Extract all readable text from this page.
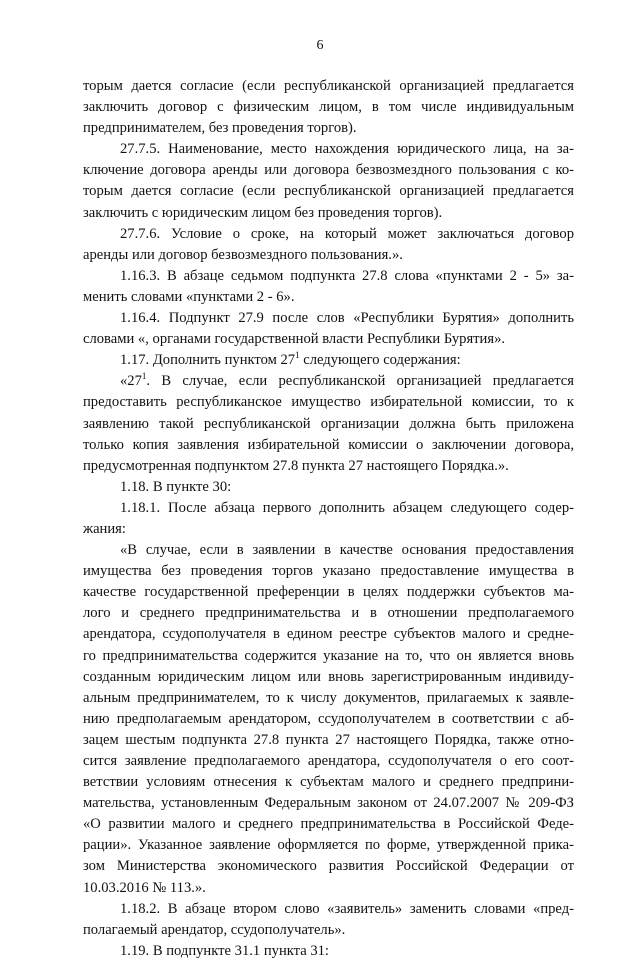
6
торым дается согласие (если республиканской организацией предлагается
заключить договор с физическим лицом, в том числе индивидуальным
предпринимателем, без проведения торгов).
27.7.5. Наименование, место нахождения юридического лица, на за-
ключение договора аренды или договора безвозмездного пользования с ко-
торым дается согласие (если республиканской организацией предлагается
заключить с юридическим лицом без проведения торгов).
27.7.6. Условие о сроке, на который может заключаться договор
аренды или договор безвозмездного пользования.».
1.16.3. В абзаце седьмом подпункта 27.8 слова «пунктами 2 - 5» за-
менить словами «пунктами 2 - 6».
1.16.4. Подпункт 27.9 после слов «Республики Бурятия» дополнить
словами «, органами государственной власти Республики Бурятия».
1.17. Дополнить пунктом $27^1$ следующего содержания:
«$27^1$. В случае, если республиканской организацией предлагается
предоставить республиканское имущество избирательной комиссии, то к
заявлению такой республиканской организации должна быть приложена
только копия заявления избирательной комиссии о заключении договора,
предусмотренная подпунктом 27.8 пункта 27 настоящего Порядка.».
1.18. В пункте 30:
1.18.1. После абзаца первого дополнить абзацем следующего содер-
жания:
«В случае, если в заявлении в качестве основания предоставления
имущества без проведения торгов указано предоставление имущества в
качестве государственной преференции в целях поддержки субъектов ма-
лого и среднего предпринимательства и в отношении предполагаемого
арендатора, ссудополучателя в едином реестре субъектов малого и средне-
го предпринимательства содержится указание на то, что он является вновь
созданным юридическим лицом или вновь зарегистрированным индивиду-
альным предпринимателем, то к числу документов, прилагаемых к заявле-
нию предполагаемым арендатором, ссудополучателем в соответствии с аб-
зацем шестым подпункта 27.8 пункта 27 настоящего Порядка, также отно-
сится заявление предполагаемого арендатора, ссудополучателя о его соот-
ветствии условиям отнесения к субъектам малого и среднего предприни-
мательства, установленным Федеральным законом от 24.07.2007 № 209-ФЗ
«О развитии малого и среднего предпринимательства в Российской Феде-
рации». Указанное заявление оформляется по форме, утвержденной прика-
зом Министерства экономического развития Российской Федерации от
10.03.2016 № 113.».
1.18.2. В абзаце втором слово «заявитель» заменить словами «пред-
полагаемый арендатор, ссудополучатель».
1.19. В подпункте 31.1 пункта 31:
